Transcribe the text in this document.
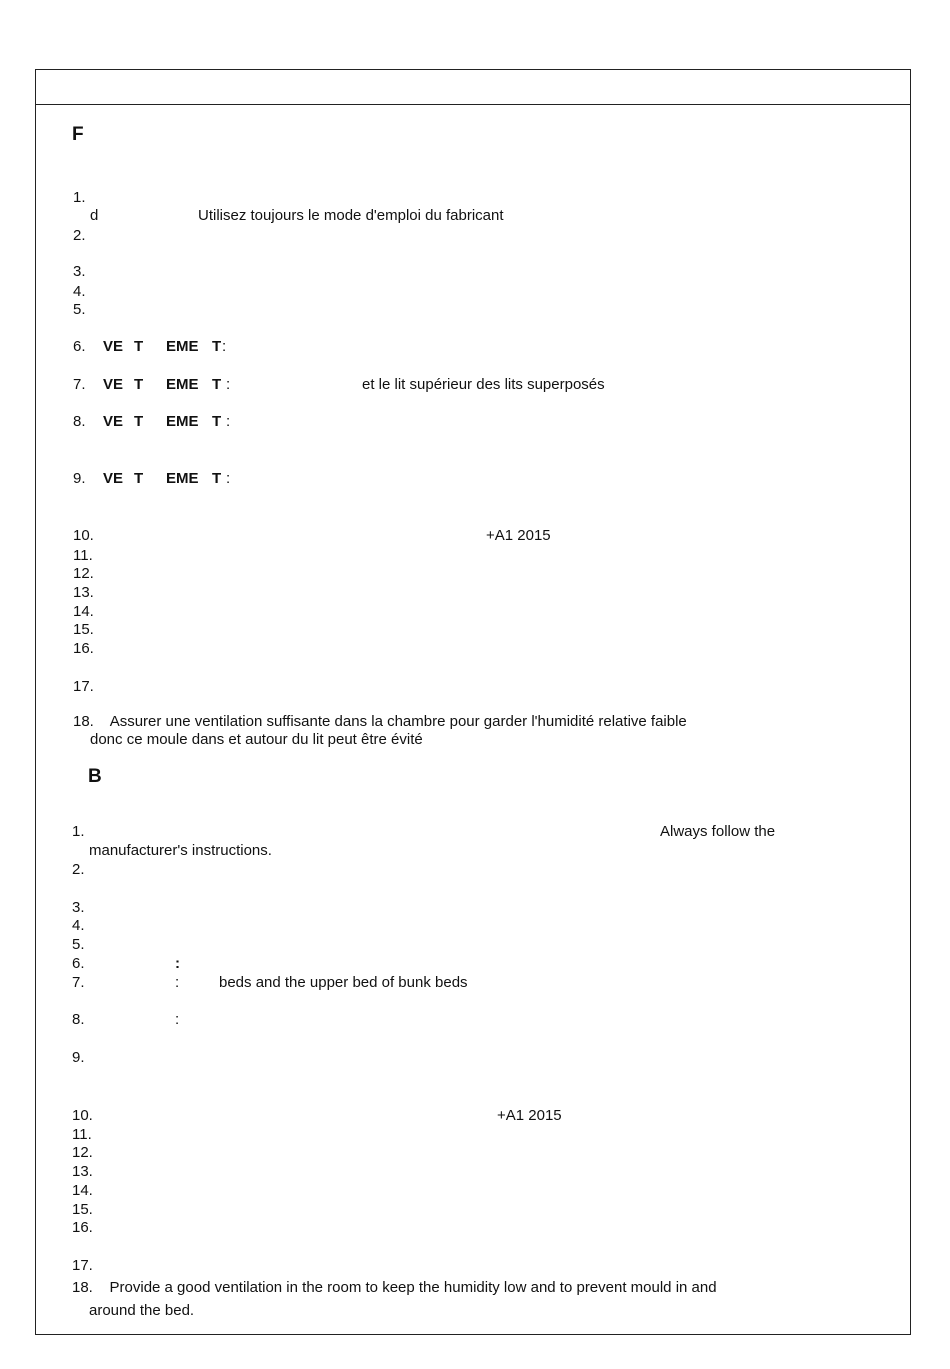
F
1.
d	Utilisez toujours le mode d'emploi du fabricant
2.
3.
4.
5.
6. VE T EME T :
7. VE T EME T :	et le lit supérieur des lits superposés
8. VE T EME T :
9. VE T EME T :
10.	+A1 2015
11.
12.
13.
14.
15.
16.
17.
18.    Assurer une ventilation suffisante dans la chambre pour garder l'humidité relative faible
donc ce moule dans et autour du lit peut être évité
B
1.	Always follow the
manufacturer's instructions.
2.
3.
4.
5.
6.	:
7.	:	beds and the upper bed of bunk beds
8.	:
9.
10.	+A1 2015
11.
12.
13.
14.
15.
16.
17.
18.    Provide a good ventilation in the room to keep the humidity low and to prevent mould in and
around the bed.
